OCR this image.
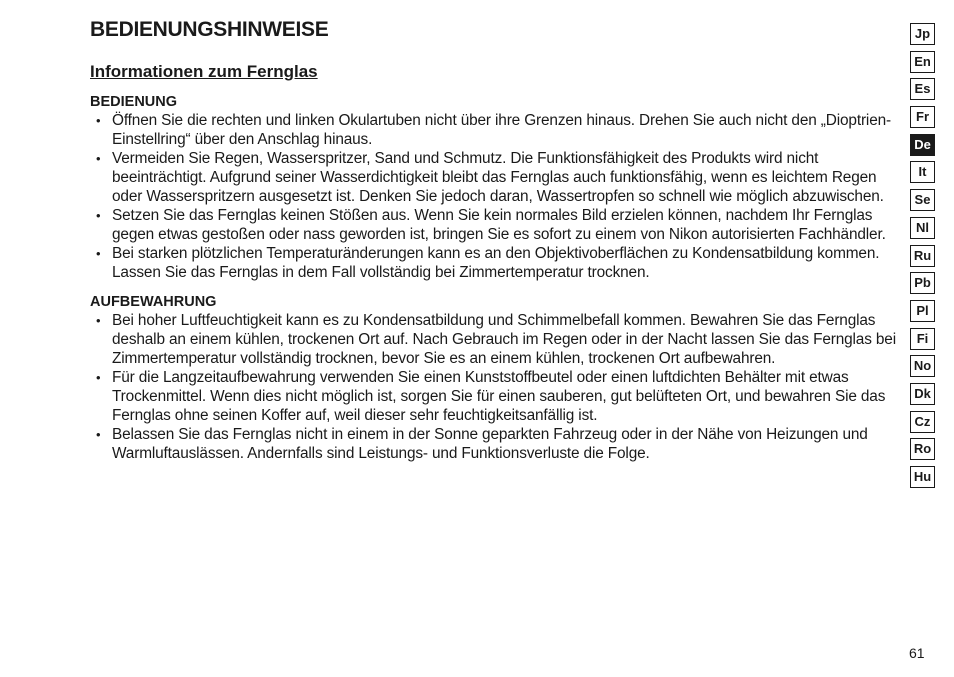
BEDIENUNGSHINWEISE
Informationen zum Fernglas
BEDIENUNG
• Öffnen Sie die rechten und linken Okulartuben nicht über ihre Grenzen hinaus. Drehen Sie auch nicht den „Dioptrien-Einstellring“ über den Anschlag hinaus.
• Vermeiden Sie Regen, Wasserspritzer, Sand und Schmutz. Die Funktionsfähigkeit des Produkts wird nicht beeinträchtigt. Aufgrund seiner Wasserdichtigkeit bleibt das Fernglas auch funktionsfähig, wenn es leichtem Regen oder Wasserspritzern ausgesetzt ist. Denken Sie jedoch daran, Wassertropfen so schnell wie möglich abzuwischen.
• Setzen Sie das Fernglas keinen Stößen aus. Wenn Sie kein normales Bild erzielen können, nachdem Ihr Fernglas gegen etwas gestoßen oder nass geworden ist, bringen Sie es sofort zu einem von Nikon autorisierten Fachhändler.
• Bei starken plötzlichen Temperaturänderungen kann es an den Objektivoberflächen zu Kondensatbildung kommen. Lassen Sie das Fernglas in dem Fall vollständig bei Zimmertemperatur trocknen.
AUFBEWAHRUNG
• Bei hoher Luftfeuchtigkeit kann es zu Kondensatbildung und Schimmelbefall kommen. Bewahren Sie das Fernglas deshalb an einem kühlen, trockenen Ort auf. Nach Gebrauch im Regen oder in der Nacht lassen Sie das Fernglas bei Zimmertemperatur vollständig trocknen, bevor Sie es an einem kühlen, trockenen Ort aufbewahren.
• Für die Langzeitaufbewahrung verwenden Sie einen Kunststoffbeutel oder einen luftdichten Behälter mit etwas Trockenmittel. Wenn dies nicht möglich ist, sorgen Sie für einen sauberen, gut belüfteten Ort, und bewahren Sie das Fernglas ohne seinen Koffer auf, weil dieser sehr feuchtigkeitsanfällig ist.
• Belassen Sie das Fernglas nicht in einem in der Sonne geparkten Fahrzeug oder in der Nähe von Heizungen und Warmluftauslässen. Andernfalls sind Leistungs- und Funktionsverluste die Folge.
Jp
En
Es
Fr
De
It
Se
Nl
Ru
Pb
Pl
Fi
No
Dk
Cz
Ro
Hu
61
